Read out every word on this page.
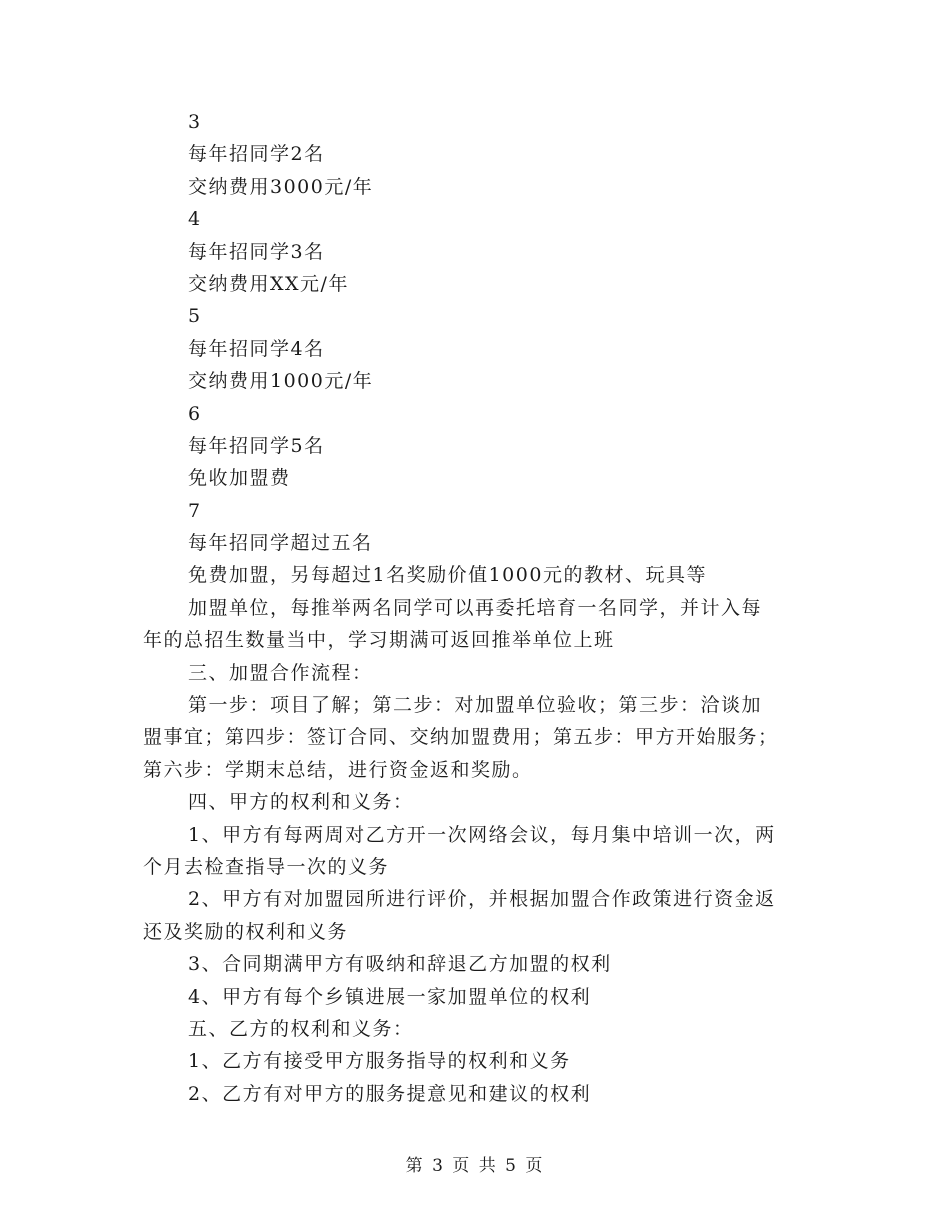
3
每年招同学2名
交纳费用3000元/年
4
每年招同学3名
交纳费用XX元/年
5
每年招同学4名
交纳费用1000元/年
6
每年招同学5名
免收加盟费
7
每年招同学超过五名
免费加盟，另每超过1名奖励价值1000元的教材、玩具等
加盟单位，每推举两名同学可以再委托培育一名同学，并计入每
年的总招生数量当中，学习期满可返回推举单位上班
三、加盟合作流程：
第一步：项目了解；第二步：对加盟单位验收；第三步：洽谈加
盟事宜；第四步：签订合同、交纳加盟费用；第五步：甲方开始服务；
第六步：学期末总结，进行资金返和奖励。
四、甲方的权利和义务：
1、甲方有每两周对乙方开一次网络会议，每月集中培训一次，两
个月去检查指导一次的义务
2、甲方有对加盟园所进行评价，并根据加盟合作政策进行资金返
还及奖励的权利和义务
3、合同期满甲方有吸纳和辞退乙方加盟的权利
4、甲方有每个乡镇进展一家加盟单位的权利
五、乙方的权利和义务：
1、乙方有接受甲方服务指导的权利和义务
2、乙方有对甲方的服务提意见和建议的权利
第 3 页 共 5 页
